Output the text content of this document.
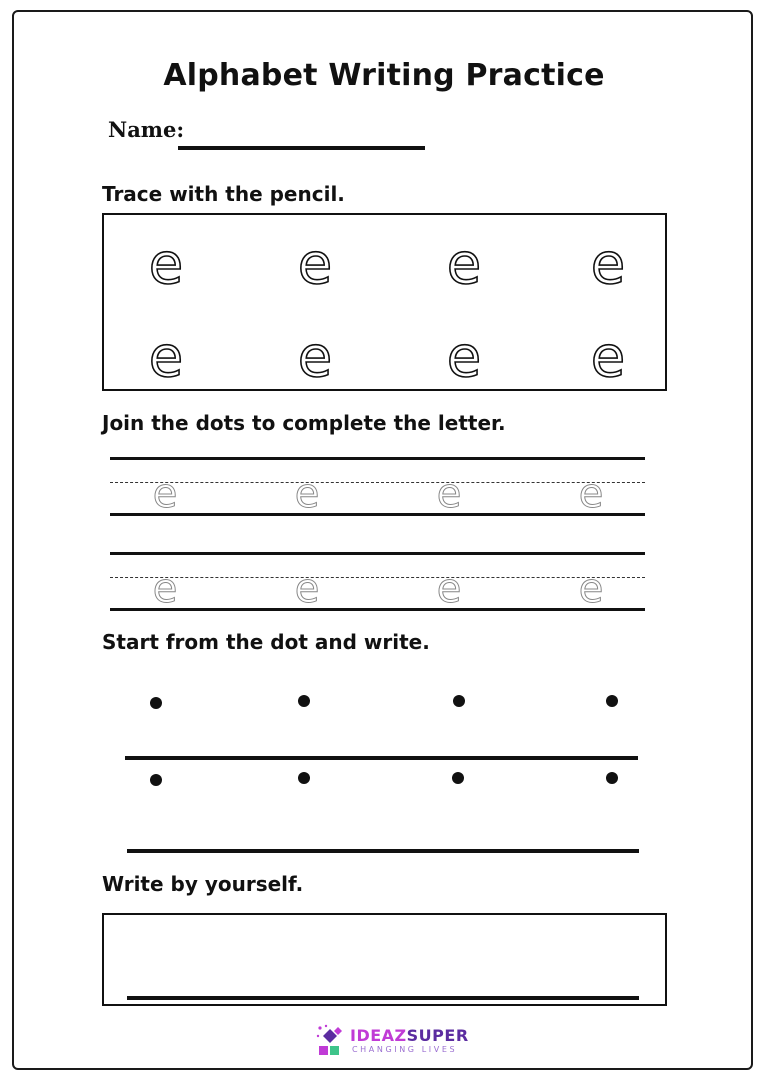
Alphabet Writing Practice
Name:
Trace with the pencil.
e e e e
e e e e
Join the dots to complete the letter.
e	e	e	e
e	e	e	e
Start from the dot and write.
Write by yourself.
IDEAZSUPER
CHANGING LIVES
